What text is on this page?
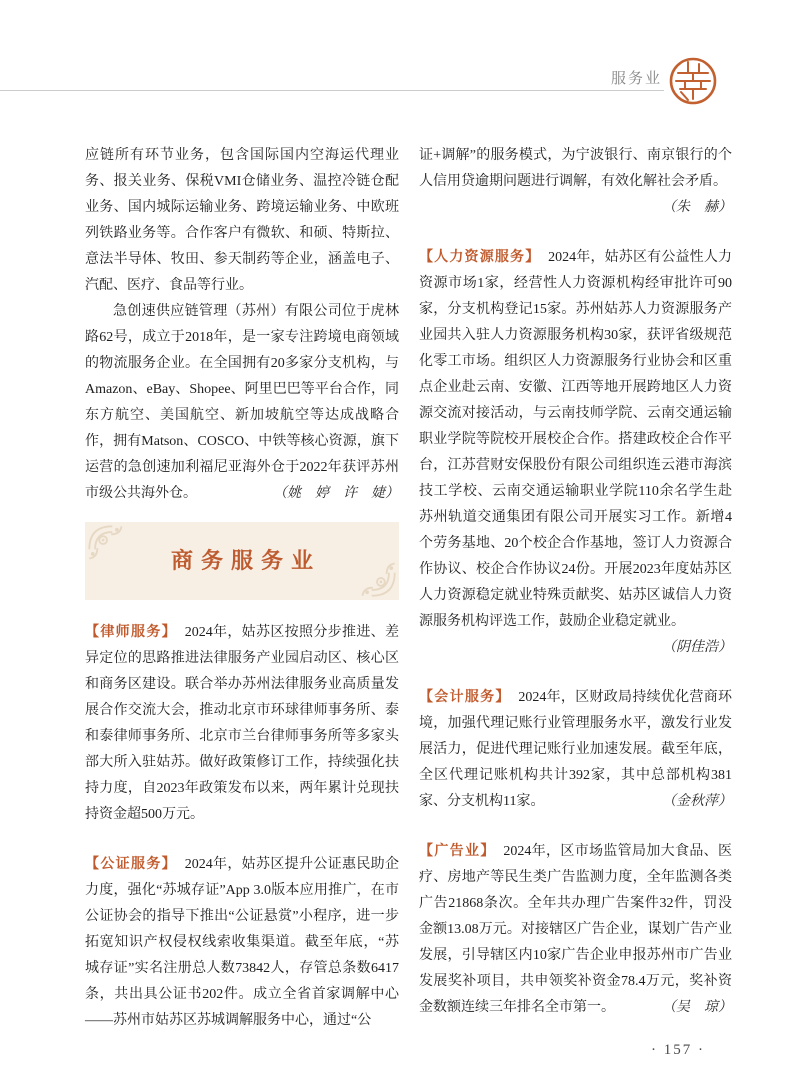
服务业

应链所有环节业务，包含国际国内空海运代理业务、报关业务、保税VMI仓储业务、温控冷链仓配业务、国内城际运输业务、跨境运输业务、中欧班列铁路业务等。合作客户有微软、和硕、特斯拉、意法半导体、牧田、参天制药等企业，涵盖电子、汽配、医疗、食品等行业。

急创速供应链管理（苏州）有限公司位于虎林路62号，成立于2018年，是一家专注跨境电商领域的物流服务企业。在全国拥有20多家分支机构，与Amazon、eBay、Shopee、阿里巴巴等平台合作，同东方航空、美国航空、新加坡航空等达成战略合作，拥有Matson、COSCO、中铁等核心资源，旗下运营的急创速加利福尼亚海外仓于2022年获评苏州市级公共海外仓。	（姚　婷　许　婕）

商务服务业

【律师服务】 2024年，姑苏区按照分步推进、差异定位的思路推进法律服务产业园启动区、核心区和商务区建设。联合举办苏州法律服务业高质量发展合作交流大会，推动北京市环球律师事务所、泰和泰律师事务所、北京市兰台律师事务所等多家头部大所入驻姑苏。做好政策修订工作，持续强化扶持力度，自2023年政策发布以来，两年累计兑现扶持资金超500万元。

【公证服务】 2024年，姑苏区提升公证惠民助企力度，强化“苏城存证”App 3.0版本应用推广，在市公证协会的指导下推出“公证悬赏”小程序，进一步拓宽知识产权侵权线索收集渠道。截至年底，“苏城存证”实名注册总人数73842人，存管总条数6417条，共出具公证书202件。成立全省首家调解中心——苏州市姑苏区苏城调解服务中心，通过“公

证+调解”的服务模式，为宁波银行、南京银行的个人信用贷逾期问题进行调解，有效化解社会矛盾。

（朱　赫）

【人力资源服务】 2024年，姑苏区有公益性人力资源市场1家，经营性人力资源机构经审批许可90家，分支机构登记15家。苏州姑苏人力资源服务产业园共入驻人力资源服务机构30家，获评省级规范化零工市场。组织区人力资源服务行业协会和区重点企业赴云南、安徽、江西等地开展跨地区人力资源交流对接活动，与云南技师学院、云南交通运输职业学院等院校开展校企合作。搭建政校企合作平台，江苏营财安保股份有限公司组织连云港市海滨技工学校、云南交通运输职业学院110余名学生赴苏州轨道交通集团有限公司开展实习工作。新增4个劳务基地、20个校企合作基地，签订人力资源合作协议、校企合作协议24份。开展2023年度姑苏区人力资源稳定就业特殊贡献奖、姑苏区诚信人力资源服务机构评选工作，鼓励企业稳定就业。

（阴佳浩）

【会计服务】 2024年，区财政局持续优化营商环境，加强代理记账行业管理服务水平，激发行业发展活力，促进代理记账行业加速发展。截至年底，全区代理记账机构共计392家，其中总部机构381家、分支机构11家。	（金秋萍）

【广告业】 2024年，区市场监管局加大食品、医疗、房地产等民生类广告监测力度，全年监测各类广告21868条次。全年共办理广告案件32件，罚没金额13.08万元。对接辖区广告企业，谋划广告产业发展，引导辖区内10家广告企业申报苏州市广告业发展奖补项目，共申领奖补资金78.4万元，奖补资金数额连续三年排名全市第一。	（吴　琼）

· 157 ·
